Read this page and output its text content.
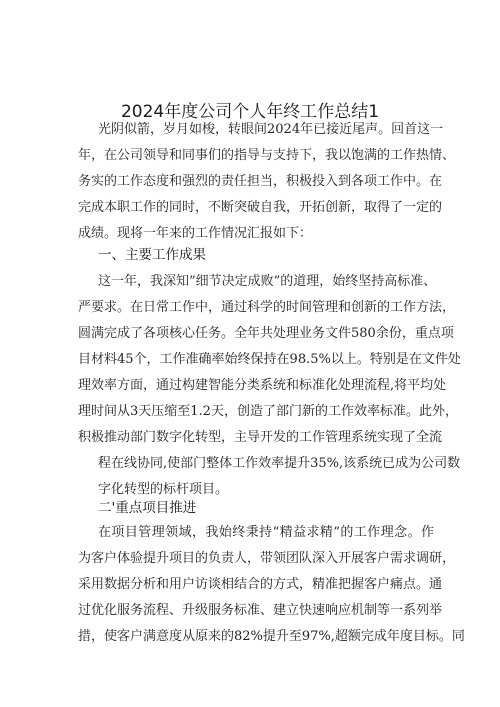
2024年度公司个人年终工作总结1
光阴似箭，岁月如梭，转眼间2024年已接近尾声。回首这一
年，在公司领导和同事们的指导与支持下，我以饱满的工作热情、
务实的工作态度和强烈的责任担当，积极投入到各项工作中。在
完成本职工作的同时，不断突破自我，开拓创新，取得了一定的
成绩。现将一年来的工作情况汇报如下：
一、主要工作成果
这一年，我深知”细节决定成败”的道理，始终坚持高标准、
严要求。在日常工作中，通过科学的时间管理和创新的工作方法，
圆满完成了各项核心任务。全年共处理业务文件580余份，重点项
目材料45个，工作准确率始终保持在98.5%以上。特别是在文件处
理效率方面，通过构建智能分类系统和标准化处理流程,将平均处
理时间从3天压缩至1.2天，创造了部门新的工作效率标准。此外，
积极推动部门数字化转型，主导开发的工作管理系统实现了全流
程在线协同,使部门整体工作效率提升35%,该系统已成为公司数
字化转型的标杆项目。
二'重点项目推进
在项目管理领域，我始终秉持“精益求精”的工作理念。作
为客户体验提升项目的负责人，带领团队深入开展客户需求调研，
采用数据分析和用户访谈相结合的方式，精准把握客户痛点。通
过优化服务流程、升级服务标准、建立快速响应机制等一系列举
措，使客户满意度从原来的82%提升至97%,超额完成年度目标。同
